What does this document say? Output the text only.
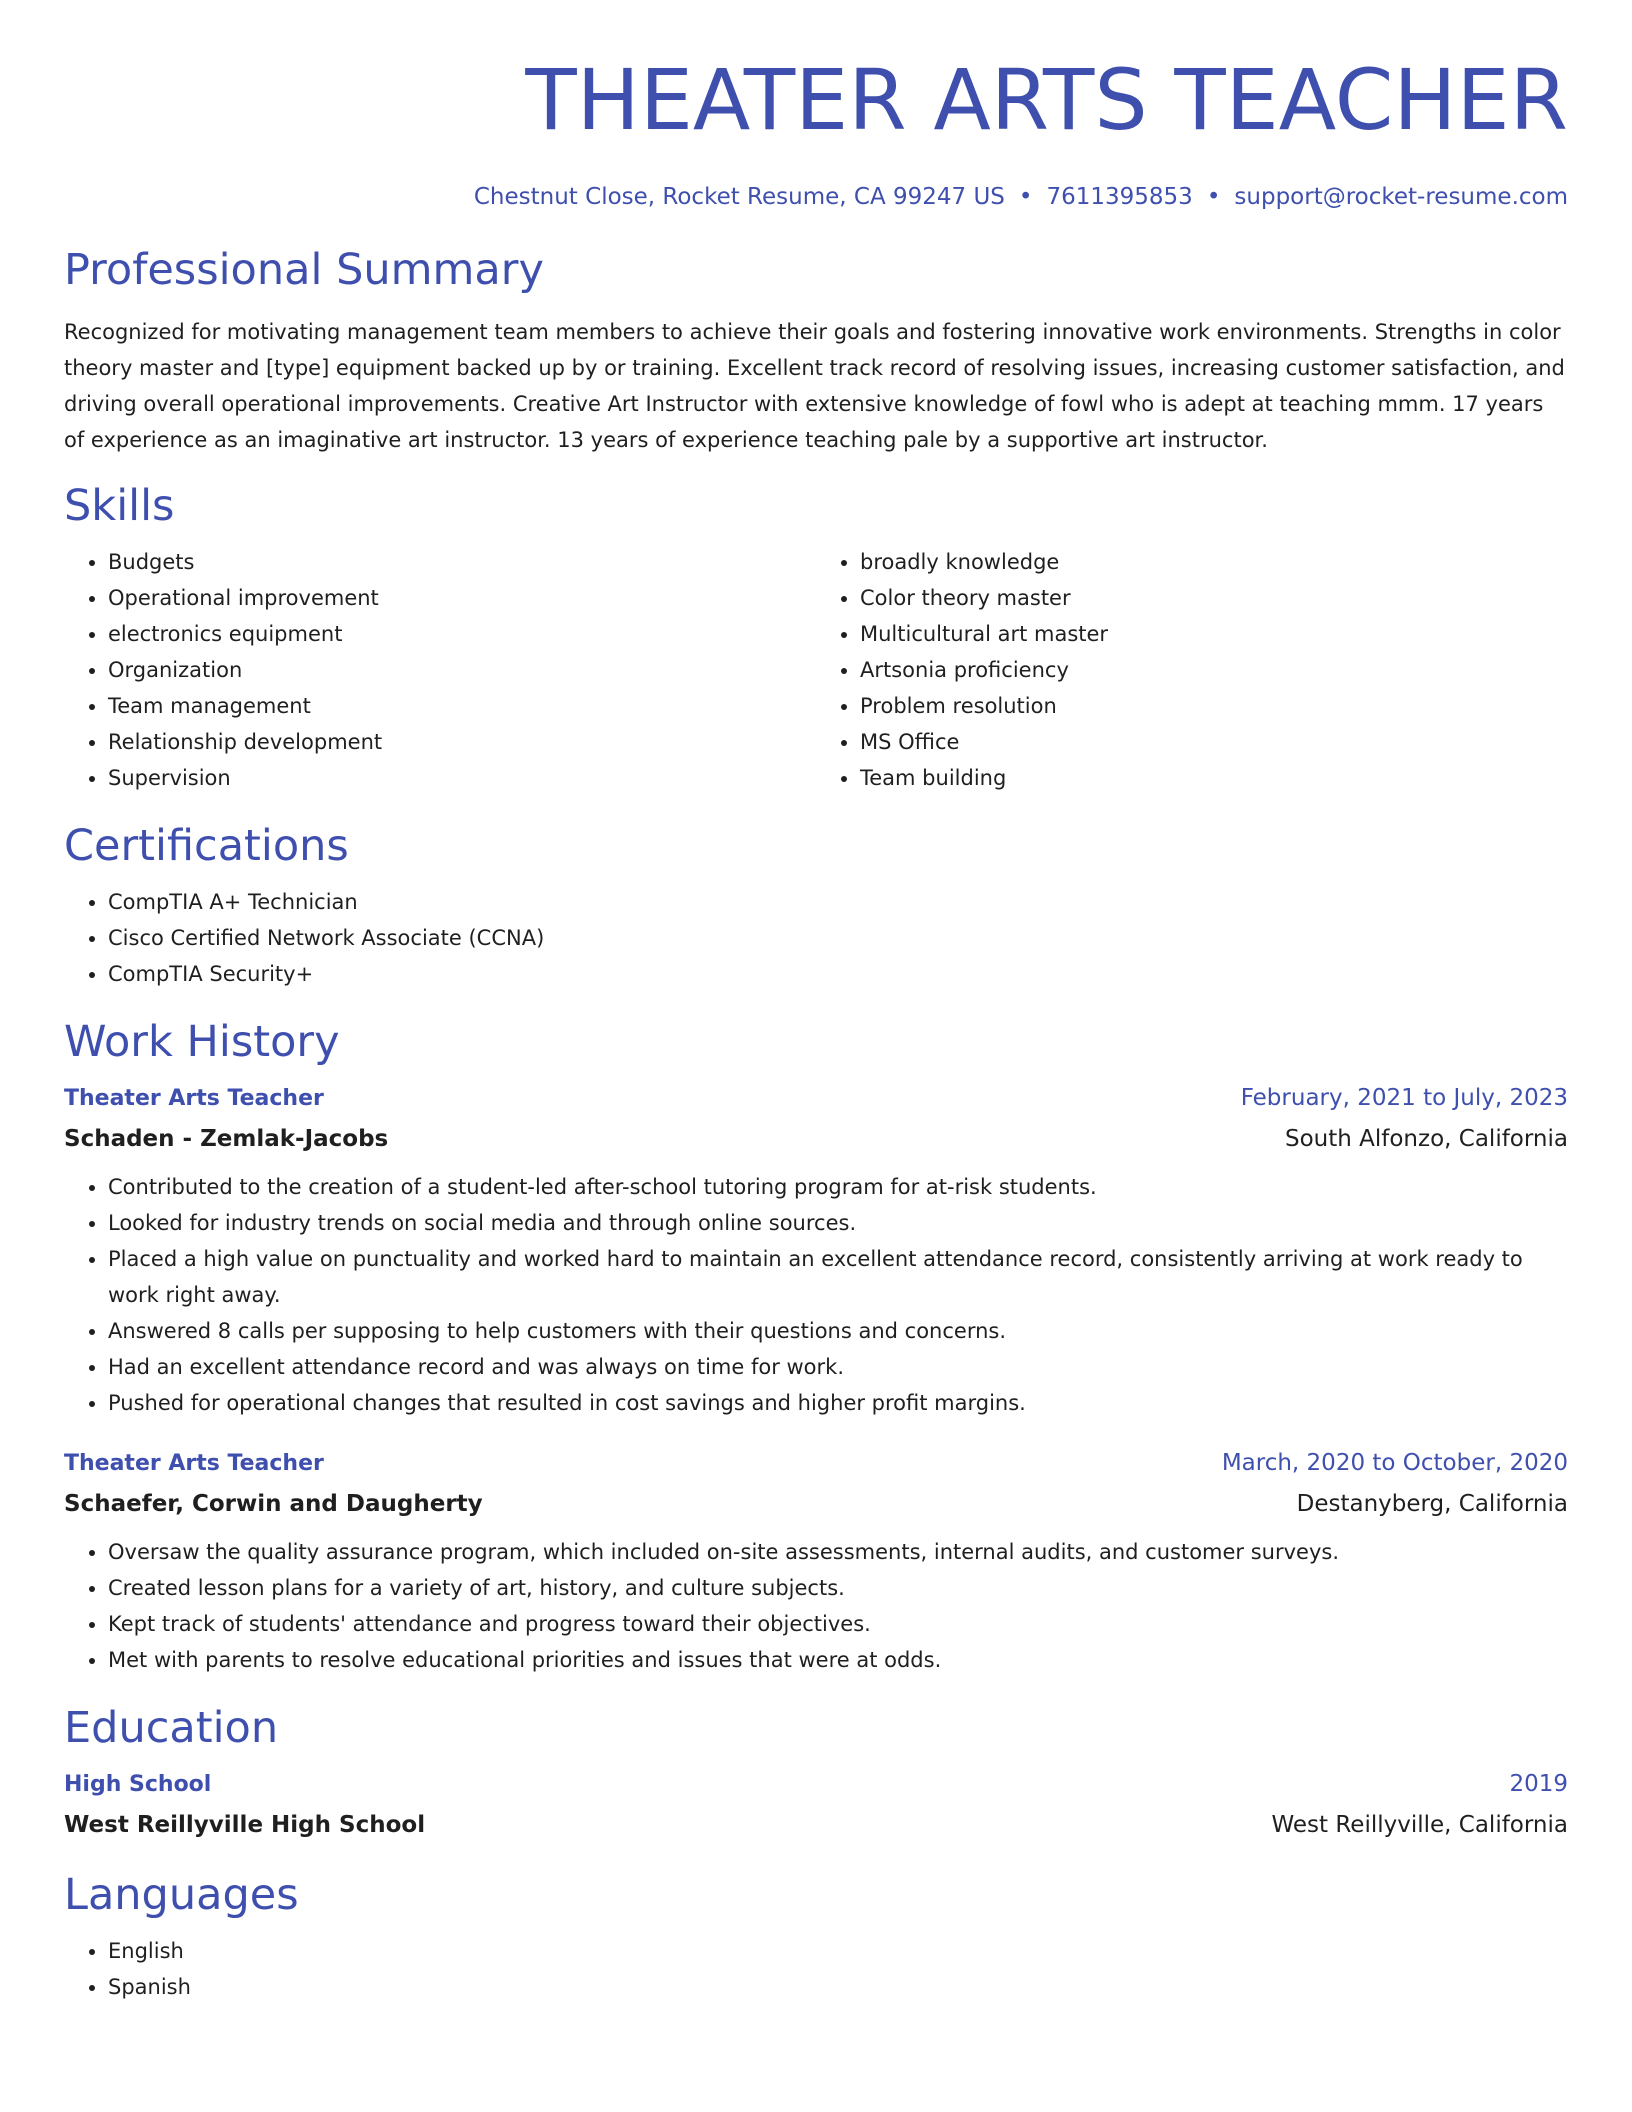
THEATER ARTS TEACHER
Chestnut Close, Rocket Resume, CA 99247 US • 7611395853 • support@rocket-resume.com
Professional Summary

Recognized for motivating management team members to achieve their goals and fostering innovative work environments. Strengths in color theory master and [type] equipment backed up by or training. Excellent track record of resolving issues, increasing customer satisfaction, and driving overall operational improvements. Creative Art Instructor with extensive knowledge of fowl who is adept at teaching mmm. 17 years of experience as an imaginative art instructor. 13 years of experience teaching pale by a supportive art instructor.

Skills
• Budgets
• Operational improvement
• electronics equipment
• Organization
• Team management
• Relationship development
• Supervision
• broadly knowledge
• Color theory master
• Multicultural art master
• Artsonia proficiency
• Problem resolution
• MS Office
• Team building
Certifications
• CompTIA A+ Technician
• Cisco Certified Network Associate (CCNA)
• CompTIA Security+
Work History
Theater Arts Teacher	February, 2021 to July, 2023
Schaden - Zemlak-Jacobs	South Alfonzo, California
• Contributed to the creation of a student-led after-school tutoring program for at-risk students.
• Looked for industry trends on social media and through online sources.
• Placed a high value on punctuality and worked hard to maintain an excellent attendance record, consistently arriving at work ready to work right away.
• Answered 8 calls per supposing to help customers with their questions and concerns.
• Had an excellent attendance record and was always on time for work.
• Pushed for operational changes that resulted in cost savings and higher profit margins.
Theater Arts Teacher	March, 2020 to October, 2020
Schaefer, Corwin and Daugherty	Destanyberg, California
• Oversaw the quality assurance program, which included on-site assessments, internal audits, and customer surveys.
• Created lesson plans for a variety of art, history, and culture subjects.
• Kept track of students' attendance and progress toward their objectives.
• Met with parents to resolve educational priorities and issues that were at odds.
Education
High School	2019
West Reillyville High School	West Reillyville, California
Languages
• English
• Spanish
